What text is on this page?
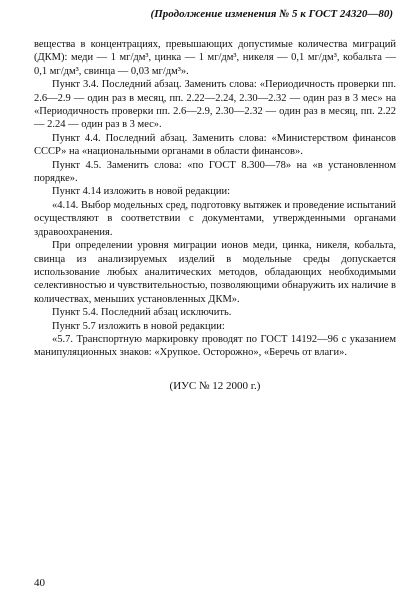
(Продолжение изменения № 5 к ГОСТ 24320—80)

вещества в концентрациях, превышающих допустимые количества миграций (ДКМ): меди — 1 мг/дм³, цинка — 1 мг/дм³, никеля — 0,1 мг/дм³, кобальта — 0,1 мг/дм³, свинца — 0,03 мг/дм³».

Пункт 3.4. Последний абзац. Заменить слова: «Периодичность проверки пп. 2.6—2.9 — один раз в месяц, пп. 2.22—2.24, 2.30—2.32 — один раз в 3 мес» на «Периодичность проверки пп. 2.6—2.9, 2.30—2.32 — один раз в месяц, пп. 2.22— 2.24 — один раз в 3 мес».

Пункт 4.4. Последний абзац. Заменить слова: «Министерством финансов СССР» на «национальными органами в области финансов».

Пункт 4.5. Заменить слова: «по ГОСТ 8.300—78» на «в установленном порядке».

Пункт 4.14 изложить в новой редакции:

«4.14. Выбор модельных сред, подготовку вытяжек и проведение испытаний осуществляют в соответствии с документами, утвержденными органами здравоохранения.

При определении уровня миграции ионов меди, цинка, никеля, кобальта, свинца из анализируемых изделий в модельные среды допускается использование любых аналитических методов, обладающих необходимыми селективностью и чувствительностью, позволяющими обнаружить их наличие в количествах, меньших установленных ДКМ».

Пункт 5.4. Последний абзац исключить.

Пункт 5.7 изложить в новой редакции:

«5.7. Транспортную маркировку проводят по ГОСТ 14192—96 с указанием манипуляционных знаков: «Хрупкое. Осторожно», «Беречь от влаги».

(ИУС № 12 2000 г.)

40
